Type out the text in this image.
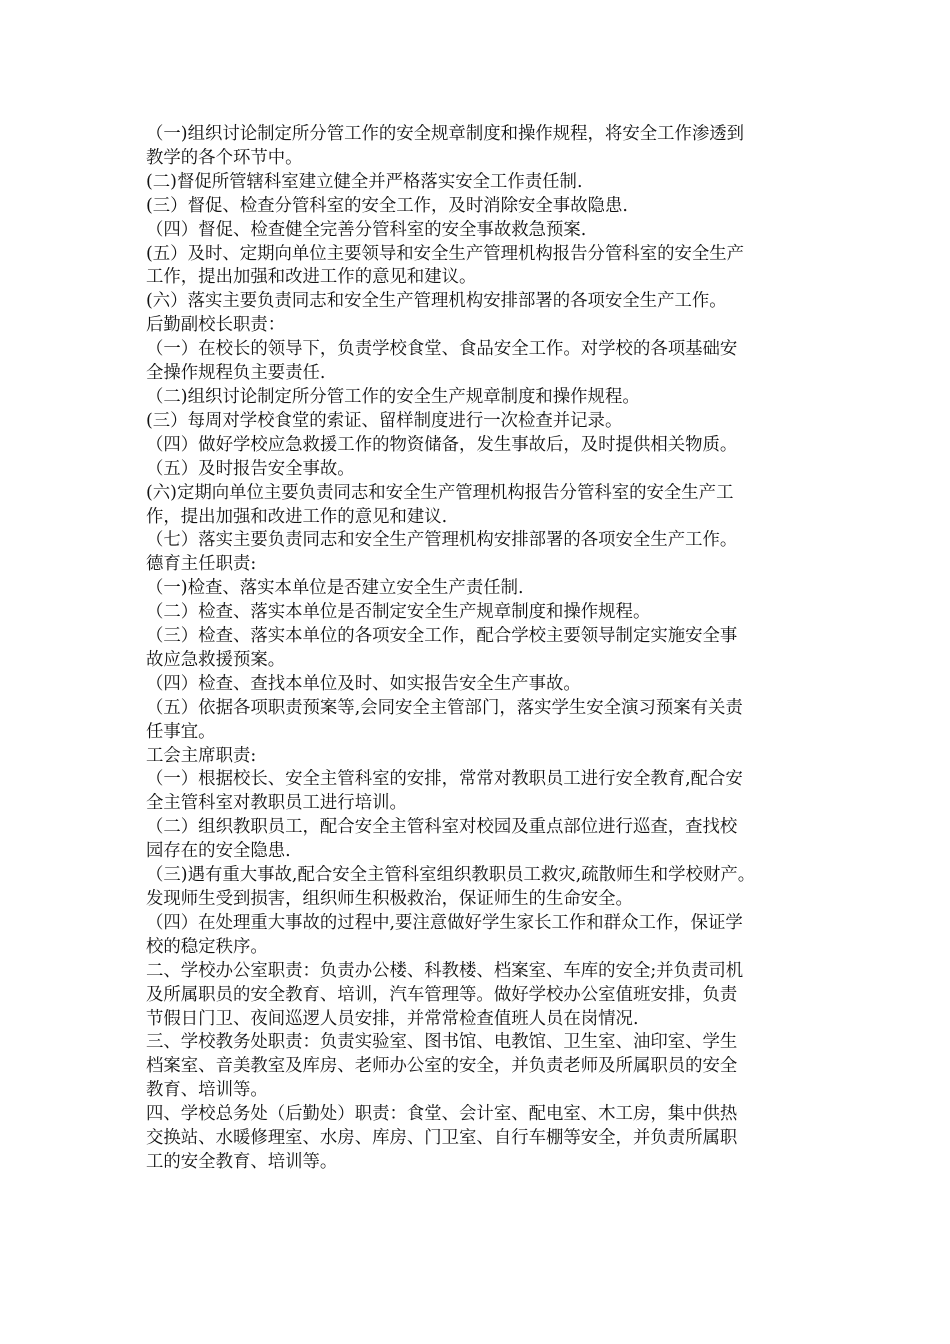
（一)组织讨论制定所分管工作的安全规章制度和操作规程，将安全工作渗透到
教学的各个环节中。
(二)督促所管辖科室建立健全并严格落实安全工作责任制.
(三）督促、检查分管科室的安全工作，及时消除安全事故隐患.
（四）督促、检查健全完善分管科室的安全事故救急预案.
(五）及时、定期向单位主要领导和安全生产管理机构报告分管科室的安全生产
工作，提出加强和改进工作的意见和建议。
(六）落实主要负责同志和安全生产管理机构安排部署的各项安全生产工作。
后勤副校长职责：
（一）在校长的领导下，负责学校食堂、食品安全工作。对学校的各项基础安
全操作规程负主要责任.
（二)组织讨论制定所分管工作的安全生产规章制度和操作规程。
(三）每周对学校食堂的索证、留样制度进行一次检查并记录。
（四）做好学校应急救援工作的物资储备，发生事故后，及时提供相关物质。
（五）及时报告安全事故。
(六)定期向单位主要负责同志和安全生产管理机构报告分管科室的安全生产工
作，提出加强和改进工作的意见和建议.
（七）落实主要负责同志和安全生产管理机构安排部署的各项安全生产工作。
德育主任职责:
（一)检查、落实本单位是否建立安全生产责任制.
（二）检查、落实本单位是否制定安全生产规章制度和操作规程。
（三）检查、落实本单位的各项安全工作，配合学校主要领导制定实施安全事
故应急救援预案。
（四）检查、查找本单位及时、如实报告安全生产事故。
（五）依据各项职责预案等,会同安全主管部门，落实学生安全演习预案有关责
任事宜。
工会主席职责:
（一）根据校长、安全主管科室的安排，常常对教职员工进行安全教育,配合安
全主管科室对教职员工进行培训。
（二）组织教职员工，配合安全主管科室对校园及重点部位进行巡查，查找校
园存在的安全隐患.
（三)遇有重大事故,配合安全主管科室组织教职员工救灾,疏散师生和学校财产。
发现师生受到损害，组织师生积极救治，保证师生的生命安全。
（四）在处理重大事故的过程中,要注意做好学生家长工作和群众工作，保证学
校的稳定秩序。
二、学校办公室职责：负责办公楼、科教楼、档案室、车库的安全;并负责司机
及所属职员的安全教育、培训，汽车管理等。做好学校办公室值班安排，负责
节假日门卫、夜间巡逻人员安排，并常常检查值班人员在岗情况.
三、学校教务处职责：负责实验室、图书馆、电教馆、卫生室、油印室、学生
档案室、音美教室及库房、老师办公室的安全，并负责老师及所属职员的安全
教育、培训等。
四、学校总务处（后勤处）职责：食堂、会计室、配电室、木工房，集中供热
交换站、水暖修理室、水房、库房、门卫室、自行车棚等安全，并负责所属职
工的安全教育、培训等。
